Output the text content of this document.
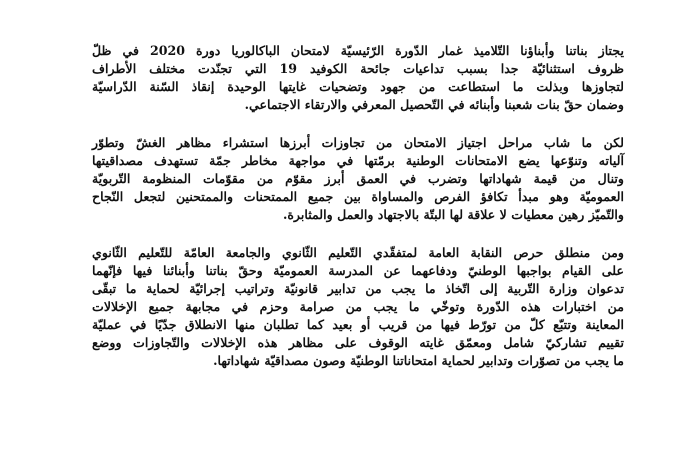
يجتاز بناتنا وأبناؤنا التّلاميذ غمار الدّورة الرّئيسيّة لامتحان الباكالوريا دورة 2020 في ظلّ
ظروف استثنائيّة جدا بسبب تداعيات جائحة الكوفيد 19 التي تجنّدت مختلف الأطراف
لتجاوزها وبذلت ما استطاعت من جهود وتضحيات غايتها الوحيدة إنقاذ السّنة الدّراسيّة
وضمان حقّ بنات شعبنا وأبنائه في التّحصيل المعرفي والارتقاء الاجتماعي.
لكن ما شاب مراحل اجتياز الامتحان من تجاوزات أبرزها استشراء مظاهر الغشّ وتطوّر
آلياته وتنوّعها يضع الامتحانات الوطنية برمّتها في مواجهة مخاطر جمّة تستهدف مصداقيتها
وتنال من قيمة شهاداتها وتضرب في العمق أبرز مقوّم من مقوّمات المنظومة التّربويّة
العموميّة وهو مبدأ تكافؤ الفرص والمساواة بين جميع الممتحنات والممتحنين لتجعل النّجاح
والتّميّز رهين معطيات لا علاقة لها البتّة بالاجتهاد والعمل والمثابرة.
ومن منطلق حرص النقابة العامة لمتفقّدي التّعليم الثّانوي والجامعة العامّة للتّعليم الثّانوي
على القيام بواجبها الوطنيّ ودفاعهما عن المدرسة العموميّة وحقّ بناتنا وأبنائنا فيها فإنّهما
تدعوان وزارة التّربية إلى اتّخاذ ما يجب من تدابير قانونيّة وتراتيب إجرائيّة لحماية ما تبقّى
من اختبارات هذه الدّورة وتوخّي ما يجب من صرامة وحزم في مجابهة جميع الإخلالات
المعاينة وتتبّع كلّ من تورّط فيها من قريب أو بعيد كما تطلبان منها الانطلاق جدّيًا في عمليّة
تقييم تشاركيّ شامل ومعمّق غايته الوقوف على مظاهر هذه الإخلالات والتّجاوزات ووضع
ما يجب من تصوّرات وتدابير لحماية امتحاناتنا الوطنيّة وصون مصداقيّة شهاداتها.
